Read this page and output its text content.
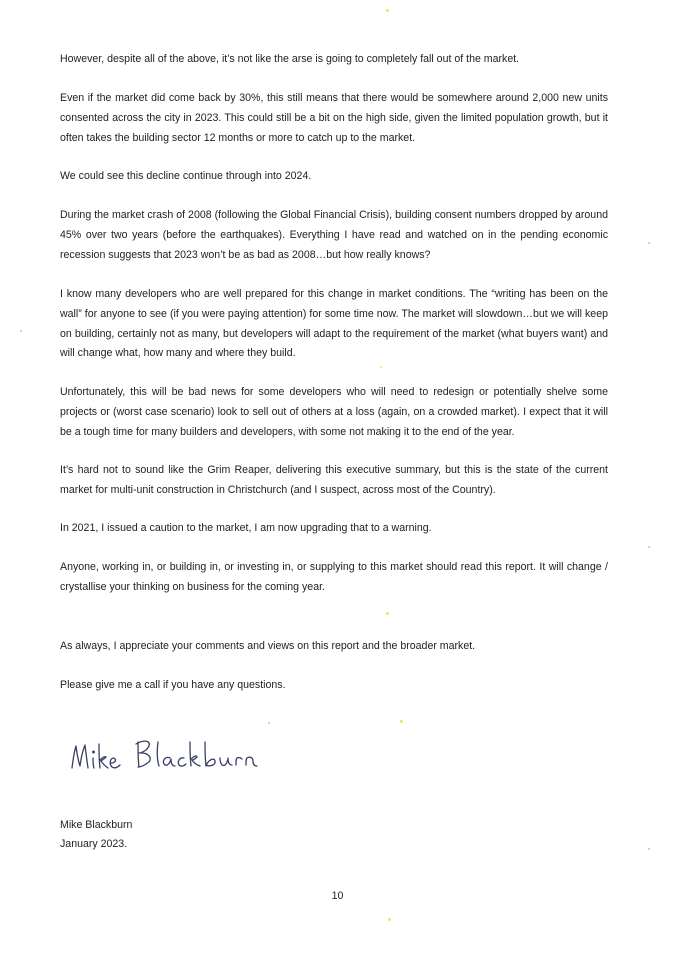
However, despite all of the above, it’s not like the arse is going to completely fall out of the market.

Even if the market did come back by 30%, this still means that there would be somewhere around 2,000 new units consented across the city in 2023. This could still be a bit on the high side, given the limited population growth, but it often takes the building sector 12 months or more to catch up to the market.

We could see this decline continue through into 2024.

During the market crash of 2008 (following the Global Financial Crisis), building consent numbers dropped by around 45% over two years (before the earthquakes). Everything I have read and watched on in the pending economic recession suggests that 2023 won’t be as bad as 2008…but how really knows?

I know many developers who are well prepared for this change in market conditions. The “writing has been on the wall” for anyone to see (if you were paying attention) for some time now. The market will slowdown…but we will keep on building, certainly not as many, but developers will adapt to the requirement of the market (what buyers want) and will change what, how many and where they build.

Unfortunately, this will be bad news for some developers who will need to redesign or potentially shelve some projects or (worst case scenario) look to sell out of others at a loss (again, on a crowded market). I expect that it will be a tough time for many builders and developers, with some not making it to the end of the year.

It’s hard not to sound like the Grim Reaper, delivering this executive summary, but this is the state of the current market for multi-unit construction in Christchurch (and I suspect, across most of the Country).

In 2021, I issued a caution to the market, I am now upgrading that to a warning.

Anyone, working in, or building in, or investing in, or supplying to this market should read this report. It will change / crystallise your thinking on business for the coming year.

As always, I appreciate your comments and views on this report and the broader market.

Please give me a call if you have any questions.

Mike Blackburn
January 2023.
10
